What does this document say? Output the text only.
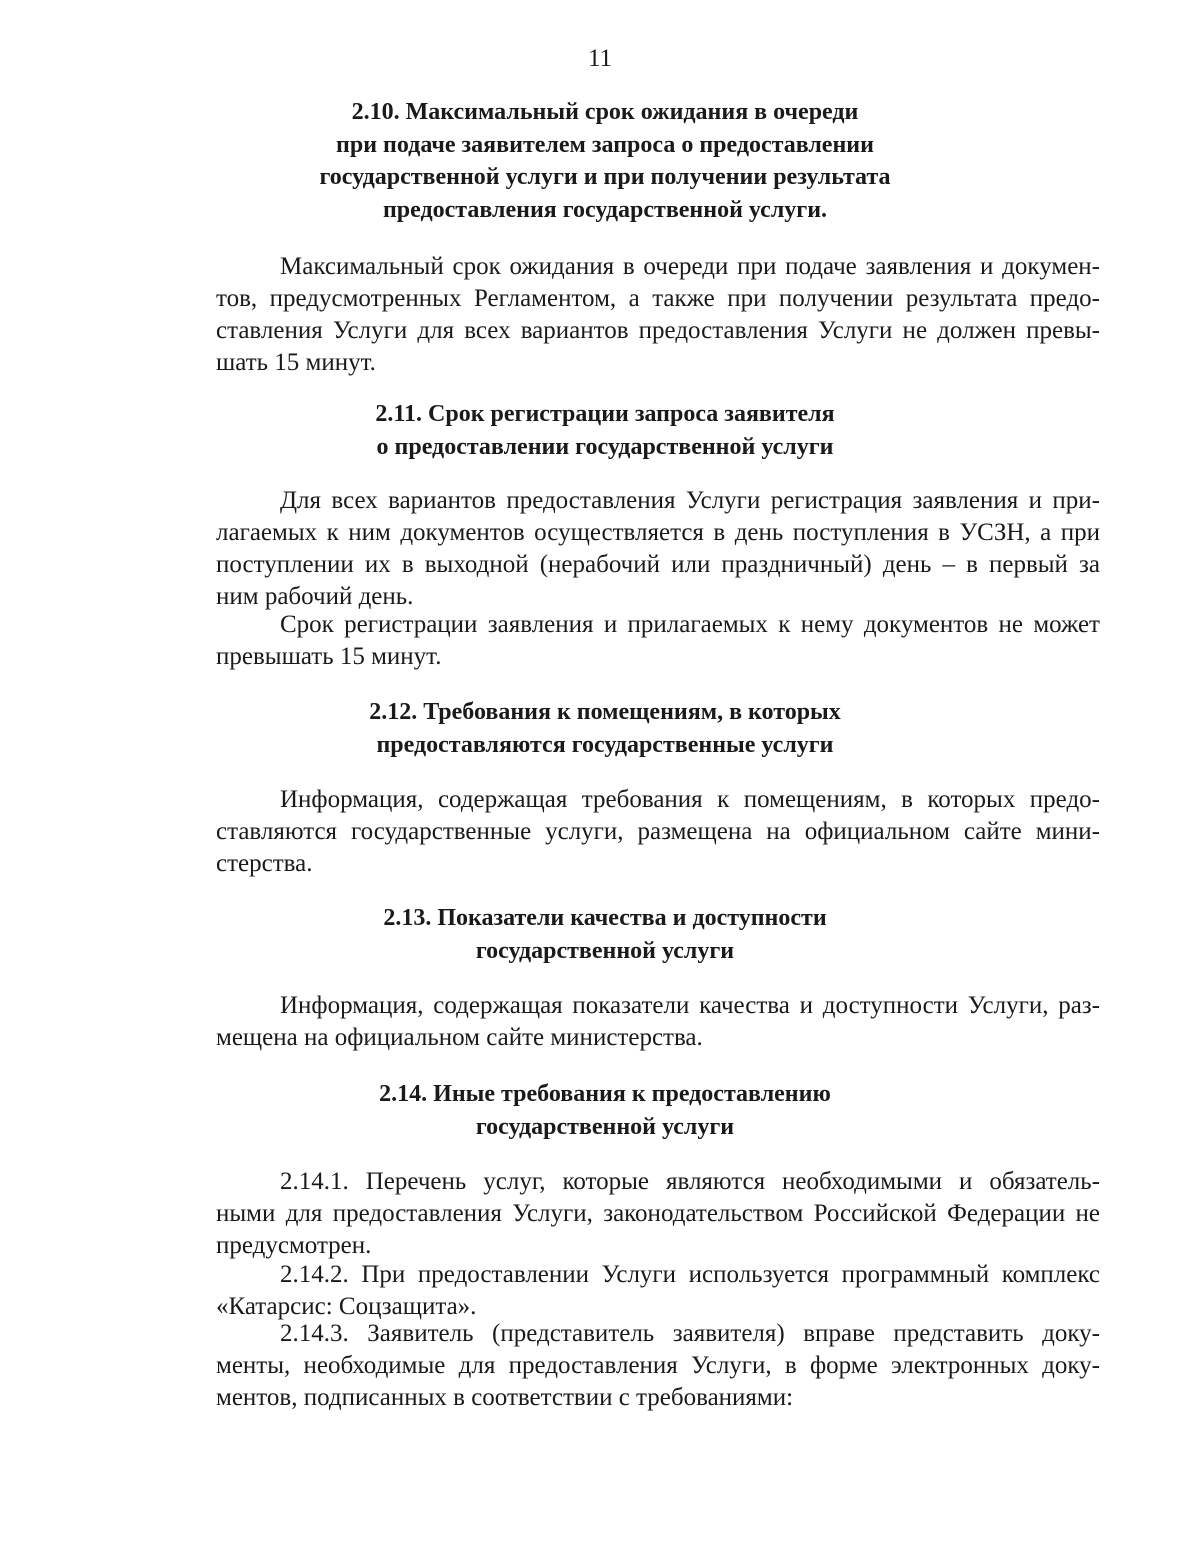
11
2.10. Максимальный срок ожидания в очереди
при подаче заявителем запроса о предоставлении
государственной услуги и при получении результата
предоставления государственной услуги.
Максимальный срок ожидания в очереди при подаче заявления и докумен-
тов, предусмотренных Регламентом, а также при получении результата предо-
ставления Услуги для всех вариантов предоставления Услуги не должен превы-
шать 15 минут.
2.11. Срок регистрации запроса заявителя
о предоставлении государственной услуги
Для всех вариантов предоставления Услуги регистрация заявления и при-
лагаемых к ним документов осуществляется в день поступления в УСЗН, а при
поступлении их в выходной (нерабочий или праздничный) день – в первый за
ним рабочий день.
Срок регистрации заявления и прилагаемых к нему документов не может
превышать 15 минут.
2.12. Требования к помещениям, в которых
предоставляются государственные услуги
Информация, содержащая требования к помещениям, в которых предо-
ставляются государственные услуги, размещена на официальном сайте мини-
стерства.
2.13. Показатели качества и доступности
государственной услуги
Информация, содержащая показатели качества и доступности Услуги, раз-
мещена на официальном сайте министерства.
2.14. Иные требования к предоставлению
государственной услуги
2.14.1. Перечень услуг, которые являются необходимыми и обязатель-
ными для предоставления Услуги, законодательством Российской Федерации не
предусмотрен.
2.14.2. При предоставлении Услуги используется программный комплекс
«Катарсис: Соцзащита».
2.14.3. Заявитель (представитель заявителя) вправе представить доку-
менты, необходимые для предоставления Услуги, в форме электронных доку-
ментов, подписанных в соответствии с требованиями:
